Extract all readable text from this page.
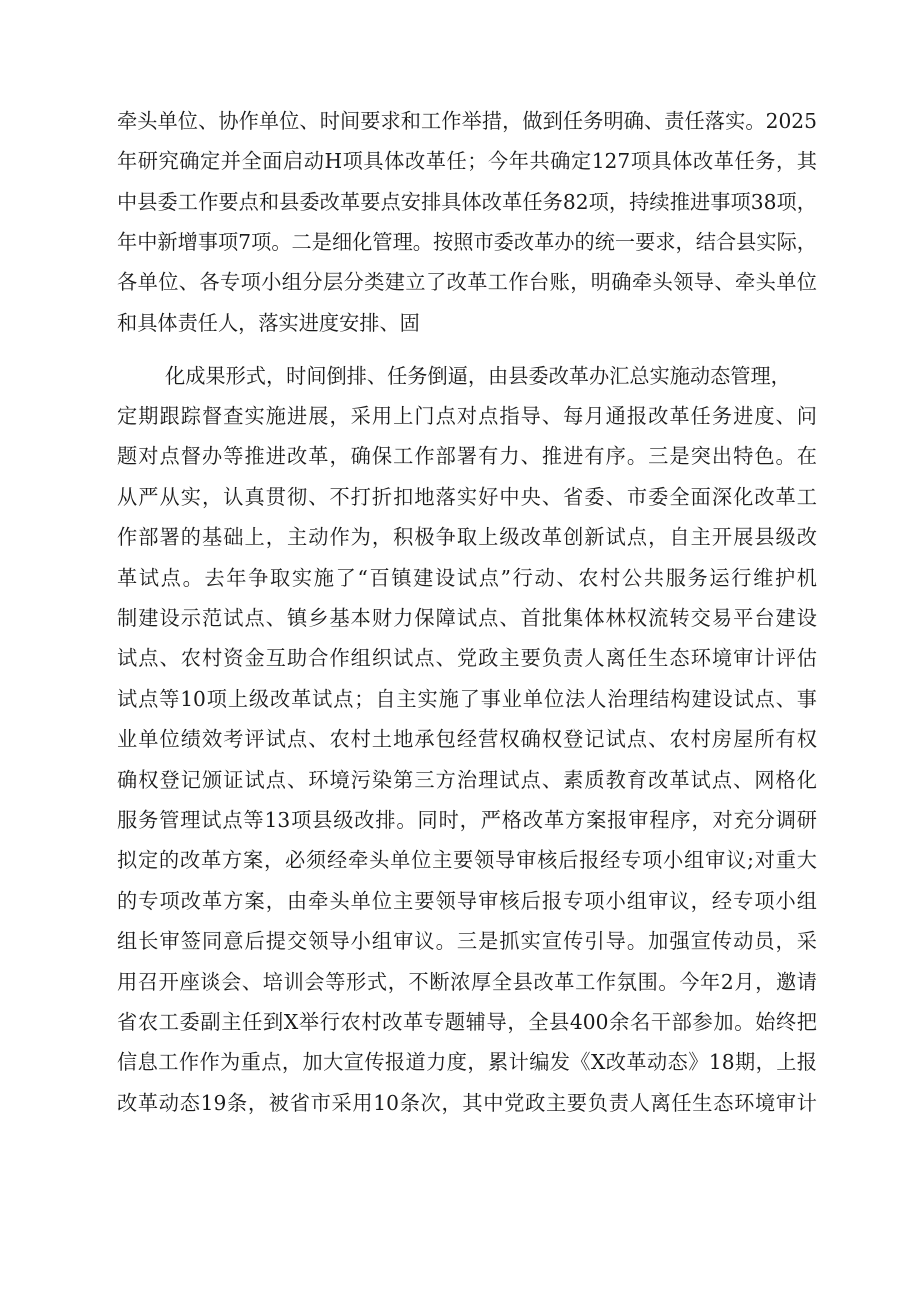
牵头单位、协作单位、时间要求和工作举措，做到任务明确、责任落实。2025
年研究确定并全面启动H项具体改革任；今年共确定127项具体改革任务，其
中县委工作要点和县委改革要点安排具体改革任务82项，持续推进事项38项，
年中新增事项7项。二是细化管理。按照市委改革办的统一要求，结合县实际，
各单位、各专项小组分层分类建立了改革工作台账，明确牵头领导、牵头单位
和具体责任人，落实进度安排、固
化成果形式，时间倒排、任务倒逼，由县委改革办汇总实施动态管理，
定期跟踪督查实施进展，采用上门点对点指导、每月通报改革任务进度、问
题对点督办等推进改革，确保工作部署有力、推进有序。三是突出特色。在
从严从实，认真贯彻、不打折扣地落实好中央、省委、市委全面深化改革工
作部署的基础上，主动作为，积极争取上级改革创新试点，自主开展县级改
革试点。去年争取实施了“百镇建设试点”行动、农村公共服务运行维护机
制建设示范试点、镇乡基本财力保障试点、首批集体林权流转交易平台建设
试点、农村资金互助合作组织试点、党政主要负责人离任生态环境审计评估
试点等10项上级改革试点；自主实施了事业单位法人治理结构建设试点、事
业单位绩效考评试点、农村土地承包经营权确权登记试点、农村房屋所有权
确权登记颁证试点、环境污染第三方治理试点、素质教育改革试点、网格化
服务管理试点等13项县级改排。同时，严格改革方案报审程序，对充分调研
拟定的改革方案，必须经牵头单位主要领导审核后报经专项小组审议;对重大
的专项改革方案，由牵头单位主要领导审核后报专项小组审议，经专项小组
组长审签同意后提交领导小组审议。三是抓实宣传引导。加强宣传动员，采
用召开座谈会、培训会等形式，不断浓厚全县改革工作氛围。今年2月，邀请
省农工委副主任到X举行农村改革专题辅导，全县400余名干部参加。始终把
信息工作作为重点，加大宣传报道力度，累计编发《X改革动态》18期，上报
改革动态19条，被省市采用10条次，其中党政主要负责人离任生态环境审计
